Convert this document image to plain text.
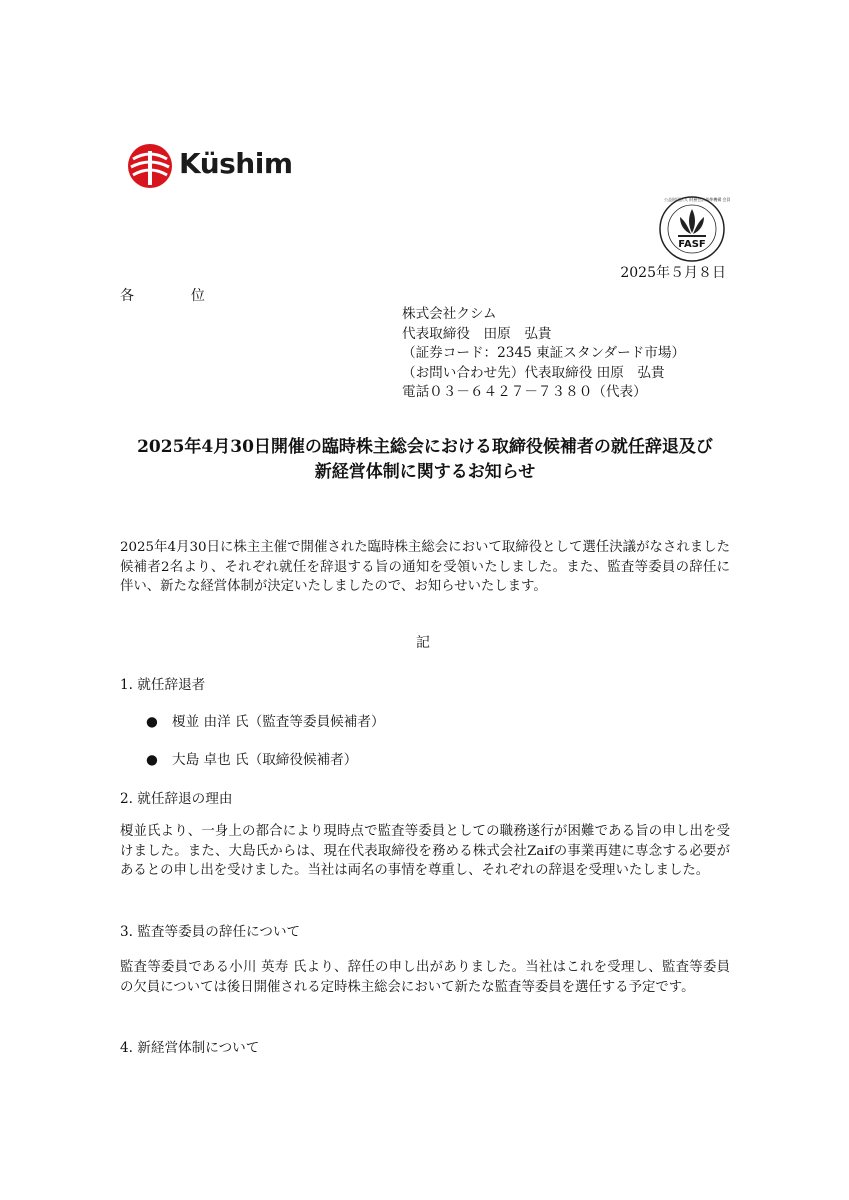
Küshim
FASF
公益財団法人 財務会計基準機構 会員
2025年５月８日
各	位
株式会社クシム
代表取締役　田原　弘貴
（証券コード：2345 東証スタンダード市場）
（お問い合わせ先）代表取締役 田原　弘貴
電話０３－６４２７－７３８０（代表）
2025年4月30日開催の臨時株主総会における取締役候補者の就任辞退及び
新経営体制に関するお知らせ
2025年4月30日に株主主催で開催された臨時株主総会において取締役として選任決議がなされました候補者2名より、それぞれ就任を辞退する旨の通知を受領いたしました。また、監査等委員の辞任に伴い、新たな経営体制が決定いたしましたので、お知らせいたします。
記
1. 就任辞退者
● 榎並 由洋 氏（監査等委員候補者）
● 大島 卓也 氏（取締役候補者）
2. 就任辞退の理由
榎並氏より、一身上の都合により現時点で監査等委員としての職務遂行が困難である旨の申し出を受けました。また、大島氏からは、現在代表取締役を務める株式会社Zaifの事業再建に専念する必要があるとの申し出を受けました。当社は両名の事情を尊重し、それぞれの辞退を受理いたしました。
3. 監査等委員の辞任について
監査等委員である小川 英寿 氏より、辞任の申し出がありました。当社はこれを受理し、監査等委員の欠員については後日開催される定時株主総会において新たな監査等委員を選任する予定です。
4. 新経営体制について
